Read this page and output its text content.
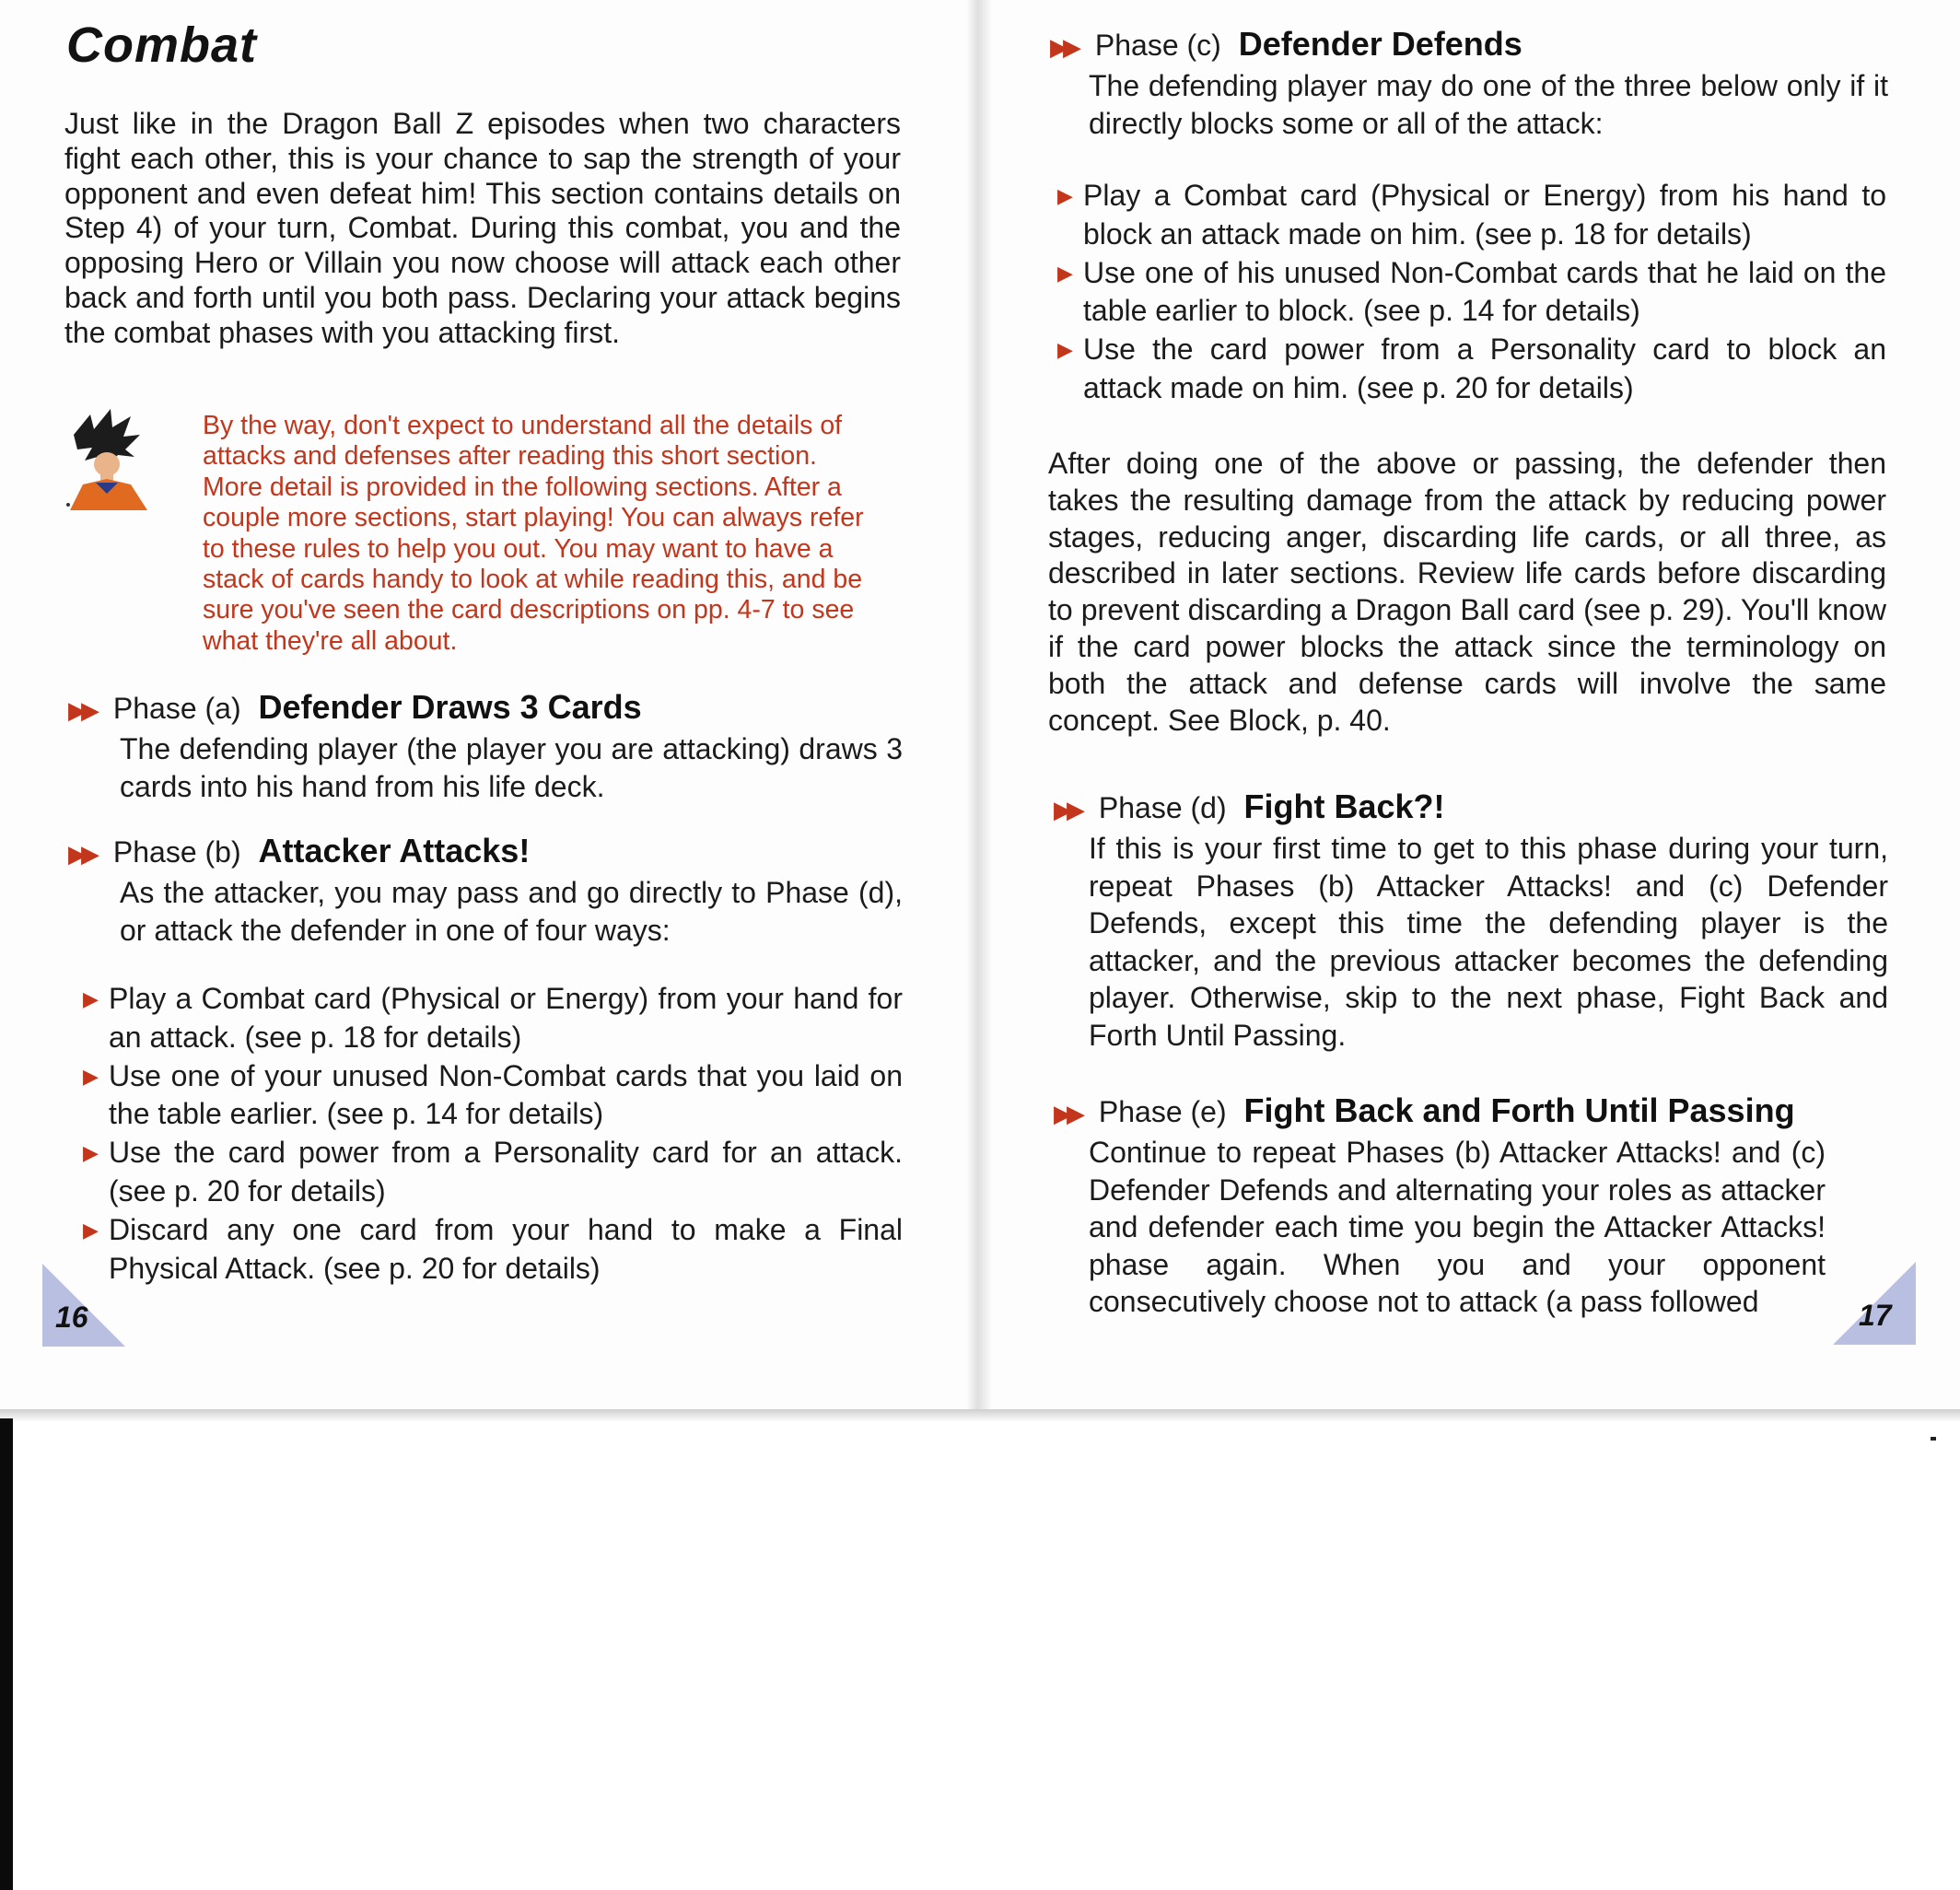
Combat
Just like in the Dragon Ball Z episodes when two characters fight each other, this is your chance to sap the strength of your opponent and even defeat him! This section contains details on Step 4) of your turn, Combat. During this combat, you and the opposing Hero or Villain you now choose will attack each other back and forth until you both pass. Declaring your attack begins the combat phases with you attacking first.
By the way, don't expect to understand all the details of attacks and defenses after reading this short section. More detail is provided in the following sections. After a couple more sections, start playing! You can always refer to these rules to help you out. You may want to have a stack of cards handy to look at while reading this, and be sure you've seen the card descriptions on pp. 4-7 to see what they're all about.
▶▶ Phase (a) Defender Draws 3 Cards
The defending player (the player you are attacking) draws 3 cards into his hand from his life deck.
▶▶ Phase (b) Attacker Attacks!
As the attacker, you may pass and go directly to Phase (d), or attack the defender in one of four ways:
▶ Play a Combat card (Physical or Energy) from your hand for an attack. (see p. 18 for details)
▶ Use one of your unused Non-Combat cards that you laid on the table earlier. (see p. 14 for details)
▶ Use the card power from a Personality card for an attack. (see p. 20 for details)
▶ Discard any one card from your hand to make a Final Physical Attack. (see p. 20 for details)
16
▶▶ Phase (c) Defender Defends
The defending player may do one of the three below only if it directly blocks some or all of the attack:
▶ Play a Combat card (Physical or Energy) from his hand to block an attack made on him. (see p. 18 for details)
▶ Use one of his unused Non-Combat cards that he laid on the table earlier to block. (see p. 14 for details)
▶ Use the card power from a Personality card to block an attack made on him. (see p. 20 for details)
After doing one of the above or passing, the defender then takes the resulting damage from the attack by reducing power stages, reducing anger, discarding life cards, or all three, as described in later sections. Review life cards before discarding to prevent discarding a Dragon Ball card (see p. 29). You'll know if the card power blocks the attack since the terminology on both the attack and defense cards will involve the same concept. See Block, p. 40.
▶▶ Phase (d) Fight Back?!
If this is your first time to get to this phase during your turn, repeat Phases (b) Attacker Attacks! and (c) Defender Defends, except this time the defending player is the attacker, and the previous attacker becomes the defending player. Otherwise, skip to the next phase, Fight Back and Forth Until Passing.
▶▶ Phase (e) Fight Back and Forth Until Passing
Continue to repeat Phases (b) Attacker Attacks! and (c) Defender Defends and alternating your roles as attacker and defender each time you begin the Attacker Attacks! phase again. When you and your opponent consecutively choose not to attack (a pass followed	17
